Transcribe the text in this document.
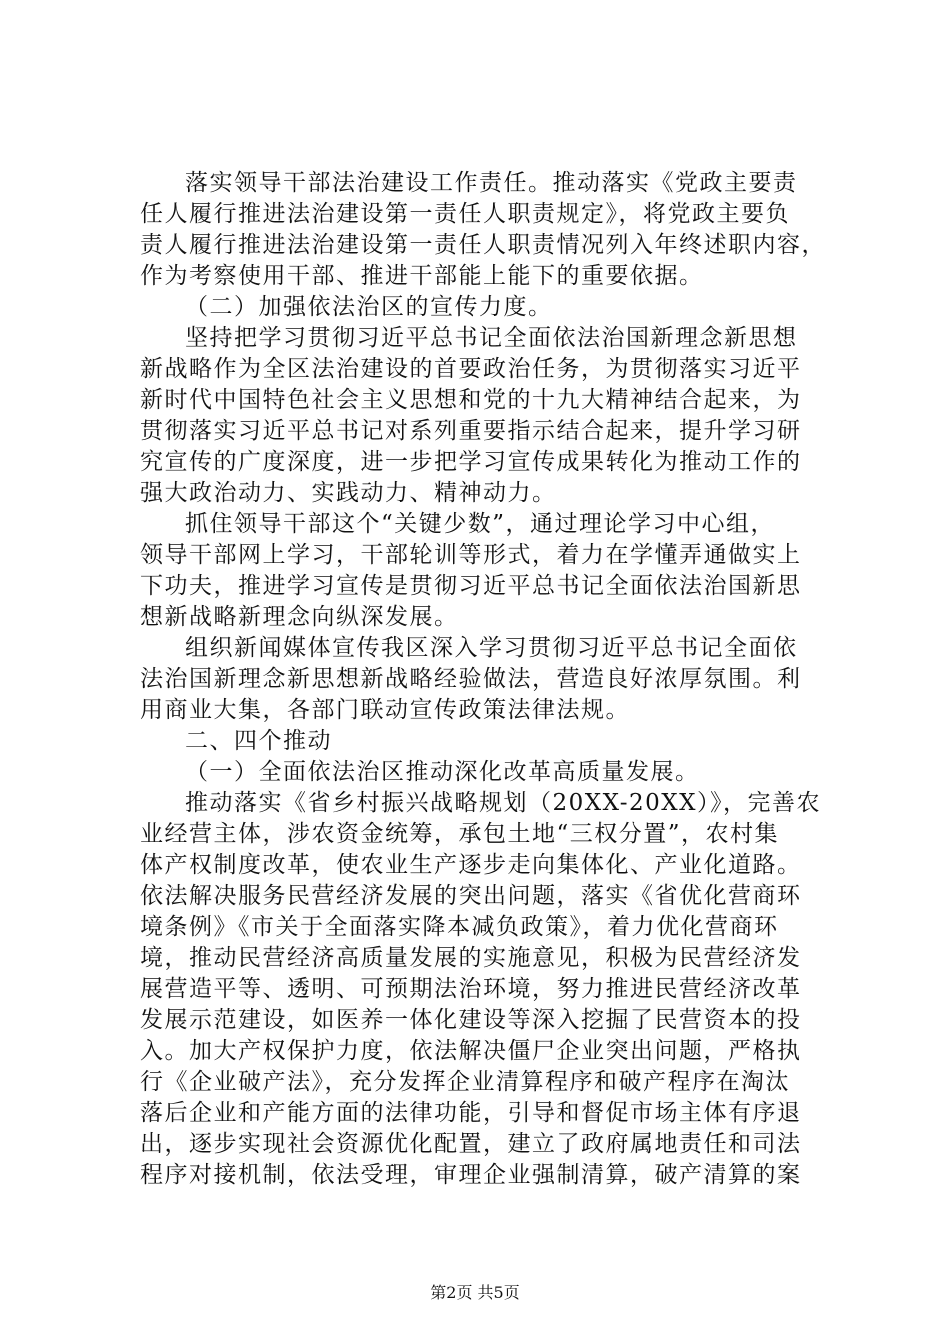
落实领导干部法治建设工作责任。推动落实《党政主要责
任人履行推进法治建设第一责任人职责规定》，将党政主要负
责人履行推进法治建设第一责任人职责情况列入年终述职内容，
作为考察使用干部、推进干部能上能下的重要依据。
（二）加强依法治区的宣传力度。
坚持把学习贯彻习近平总书记全面依法治国新理念新思想
新战略作为全区法治建设的首要政治任务，为贯彻落实习近平
新时代中国特色社会主义思想和党的十九大精神结合起来，为
贯彻落实习近平总书记对系列重要指示结合起来，提升学习研
究宣传的广度深度，进一步把学习宣传成果转化为推动工作的
强大政治动力、实践动力、精神动力。
抓住领导干部这个“关键少数”，通过理论学习中心组，
领导干部网上学习，干部轮训等形式，着力在学懂弄通做实上
下功夫，推进学习宣传是贯彻习近平总书记全面依法治国新思
想新战略新理念向纵深发展。
组织新闻媒体宣传我区深入学习贯彻习近平总书记全面依
法治国新理念新思想新战略经验做法，营造良好浓厚氛围。利
用商业大集，各部门联动宣传政策法律法规。
二、四个推动
（一）全面依法治区推动深化改革高质量发展。
推动落实《省乡村振兴战略规划（20XX-20XX）》，完善农
业经营主体，涉农资金统筹，承包土地“三权分置”，农村集
体产权制度改革，使农业生产逐步走向集体化、产业化道路。
依法解决服务民营经济发展的突出问题，落实《省优化营商环
境条例》《市关于全面落实降本减负政策》，着力优化营商环
境，推动民营经济高质量发展的实施意见，积极为民营经济发
展营造平等、透明、可预期法治环境，努力推进民营经济改革
发展示范建设，如医养一体化建设等深入挖掘了民营资本的投
入。加大产权保护力度，依法解决僵尸企业突出问题，严格执
行《企业破产法》，充分发挥企业清算程序和破产程序在淘汰
落后企业和产能方面的法律功能，引导和督促市场主体有序退
出，逐步实现社会资源优化配置，建立了政府属地责任和司法
程序对接机制，依法受理，审理企业强制清算，破产清算的案
第2页 共5页
